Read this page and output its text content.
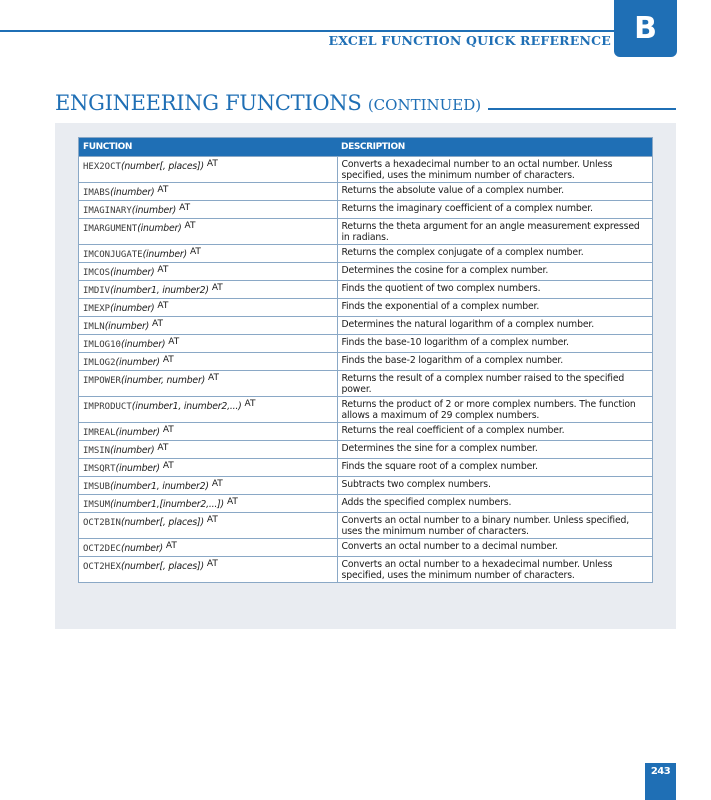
EXCEL FUNCTION QUICK REFERENCE B
ENGINEERING FUNCTIONS (CONTINUED)
FUNCTION	DESCRIPTION
HEX2OCT(number[, places]) AT	Converts a hexadecimal number to an octal number. Unless specified, uses the minimum number of characters.
IMABS(inumber) AT	Returns the absolute value of a complex number.
IMAGINARY(inumber) AT	Returns the imaginary coefficient of a complex number.
IMARGUMENT(inumber) AT	Returns the theta argument for an angle measurement expressed in radians.
IMCONJUGATE(inumber) AT	Returns the complex conjugate of a complex number.
IMCOS(inumber) AT	Determines the cosine for a complex number.
IMDIV(inumber1, inumber2) AT	Finds the quotient of two complex numbers.
IMEXP(inumber) AT	Finds the exponential of a complex number.
IMLN(inumber) AT	Determines the natural logarithm of a complex number.
IMLOG10(inumber) AT	Finds the base-10 logarithm of a complex number.
IMLOG2(inumber) AT	Finds the base-2 logarithm of a complex number.
IMPOWER(inumber, number) AT	Returns the result of a complex number raised to the specified power.
IMPRODUCT(inumber1, inumber2,...) AT	Returns the product of 2 or more complex numbers. The function allows a maximum of 29 complex numbers.
IMREAL(inumber) AT	Returns the real coefficient of a complex number.
IMSIN(inumber) AT	Determines the sine for a complex number.
IMSQRT(inumber) AT	Finds the square root of a complex number.
IMSUB(inumber1, inumber2) AT	Subtracts two complex numbers.
IMSUM(inumber1,[inumber2,...]) AT	Adds the specified complex numbers.
OCT2BIN(number[, places]) AT	Converts an octal number to a binary number. Unless specified, uses the minimum number of characters.
OCT2DEC(number) AT	Converts an octal number to a decimal number.
OCT2HEX(number[, places]) AT	Converts an octal number to a hexadecimal number. Unless specified, uses the minimum number of characters.
243
